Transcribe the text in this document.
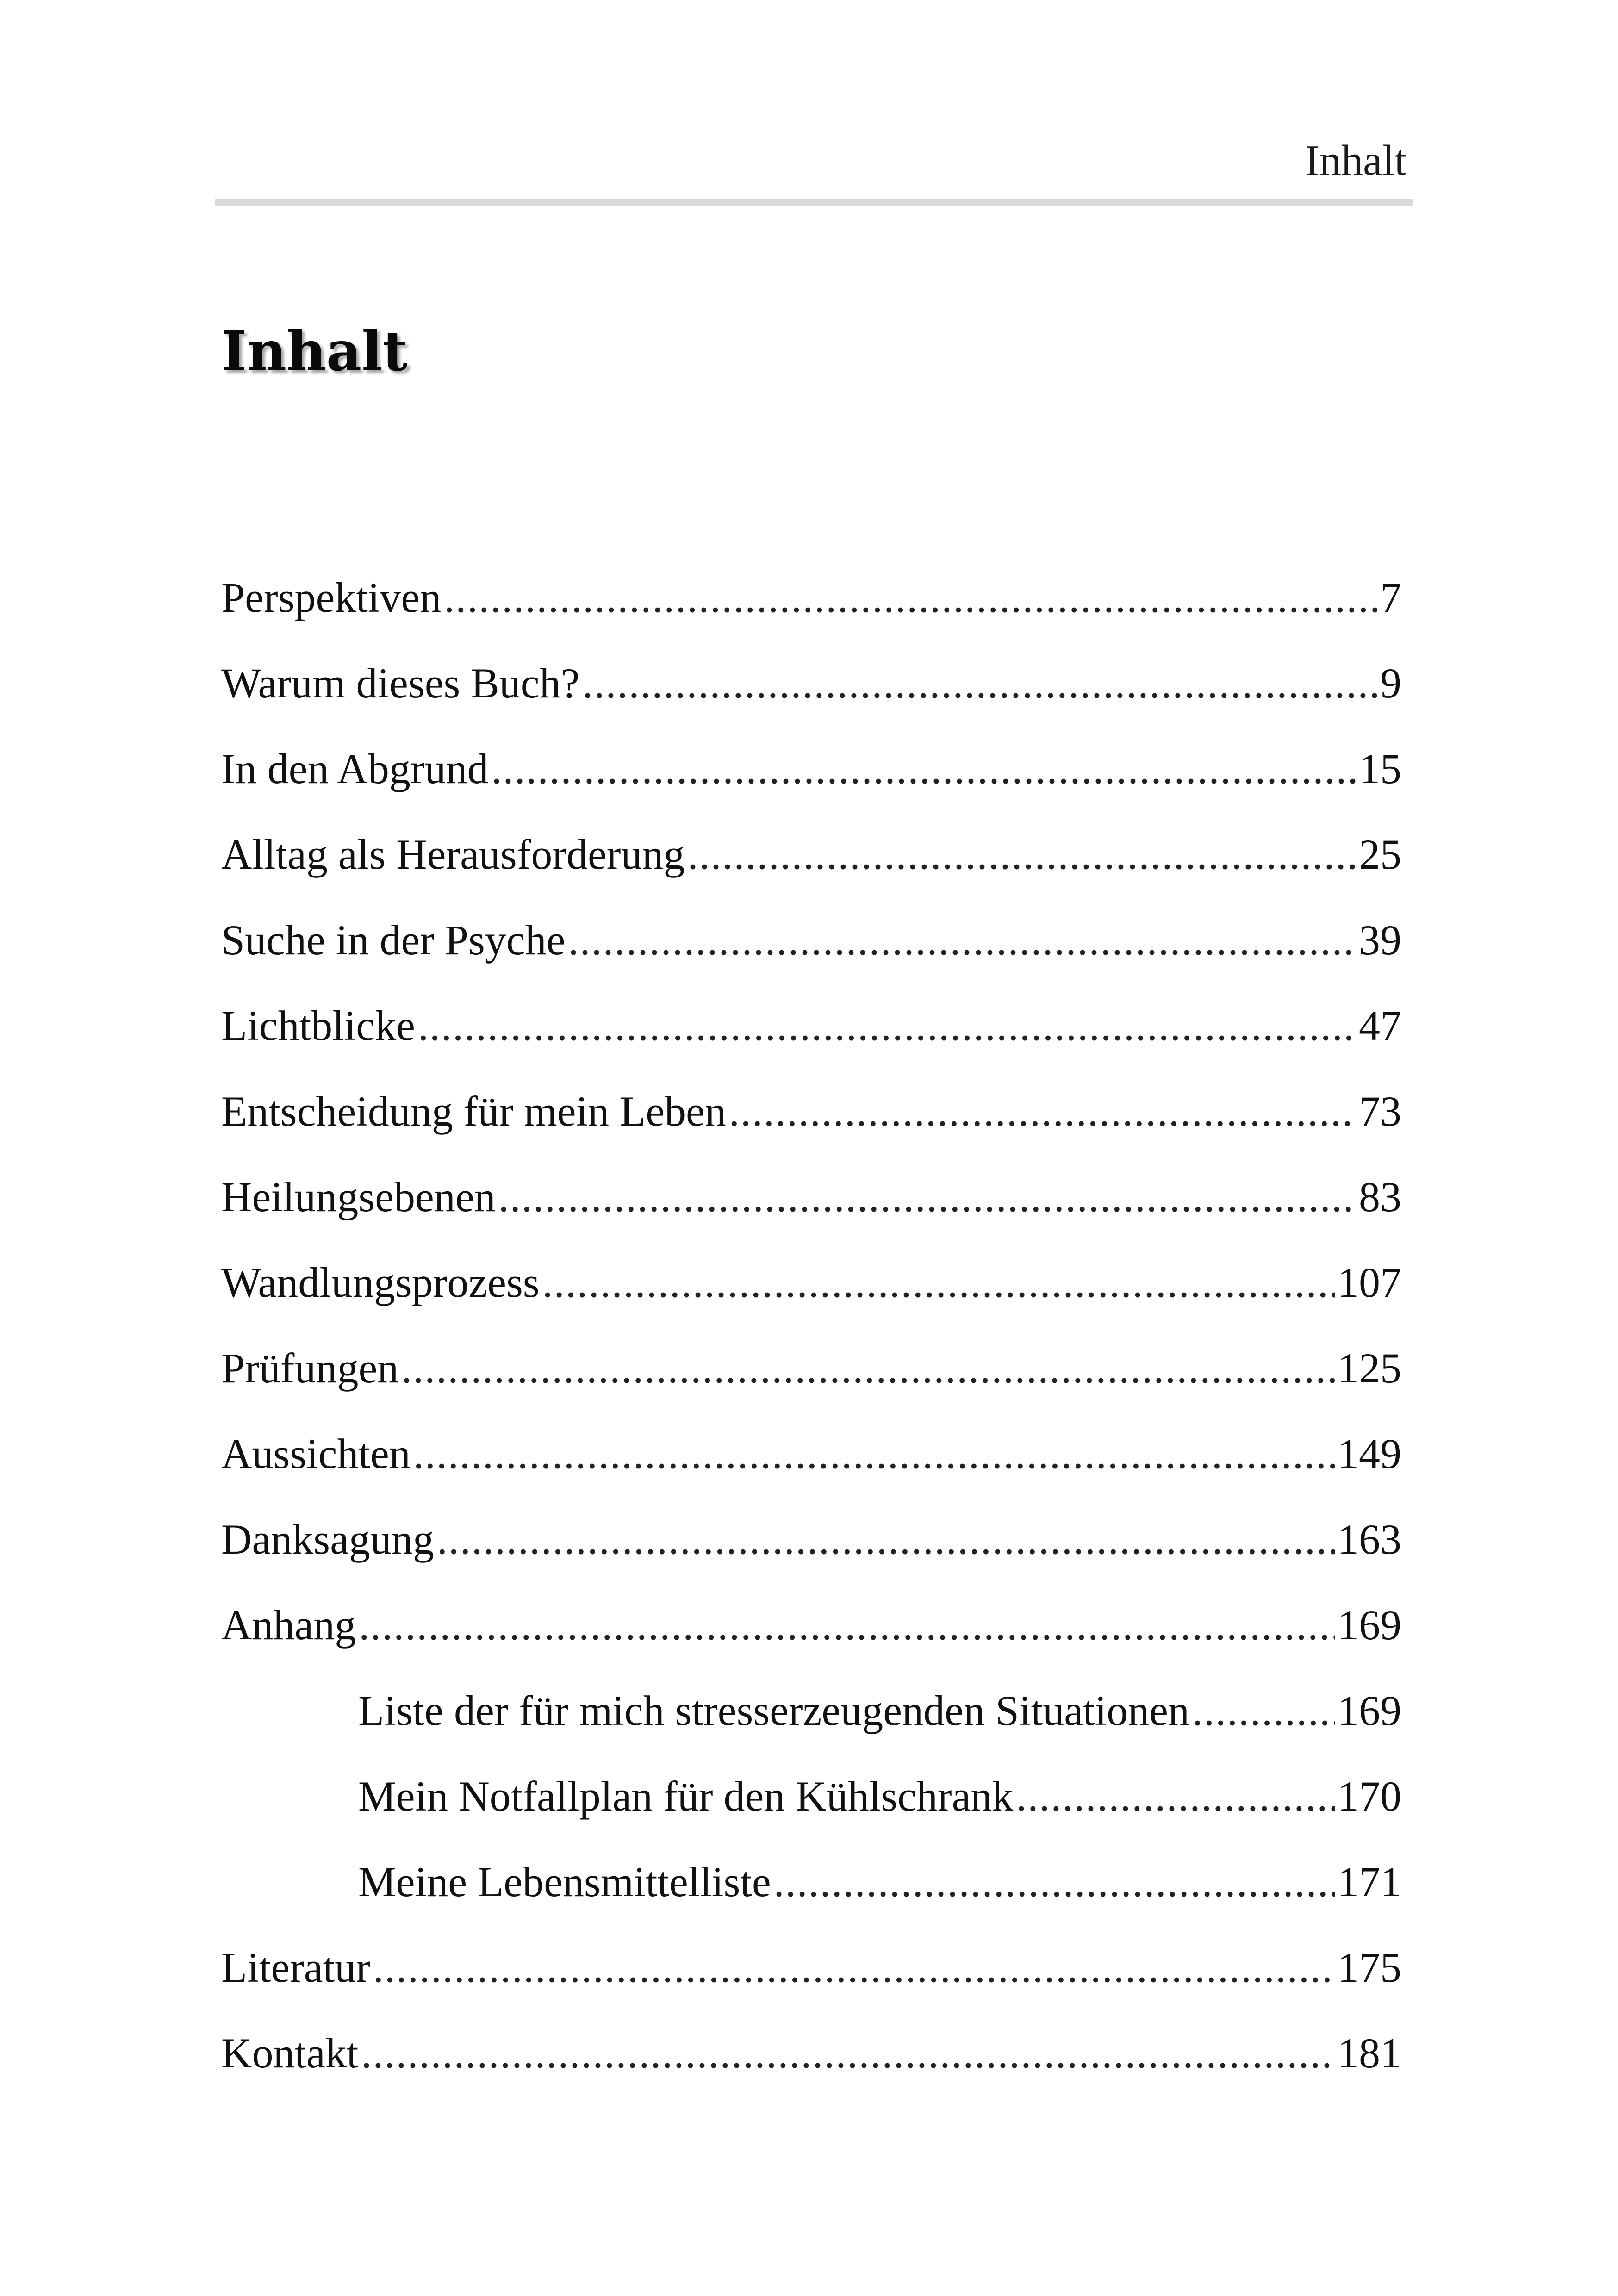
Inhalt
Inhalt
Perspektiven .....	7
Warum dieses Buch? .....	9
In den Abgrund .....	15
Alltag als Herausforderung .....	25
Suche in der Psyche .....	39
Lichtblicke .....	47
Entscheidung für mein Leben .....	73
Heilungsebenen .....	83
Wandlungsprozess .....	107
Prüfungen .....	125
Aussichten .....	149
Danksagung .....	163
Anhang .....	169
Liste der für mich stresserzeugenden Situationen .....	169
Mein Notfallplan für den Kühlschrank .....	170
Meine Lebensmittelliste .....	171
Literatur .....	175
Kontakt .....	181
